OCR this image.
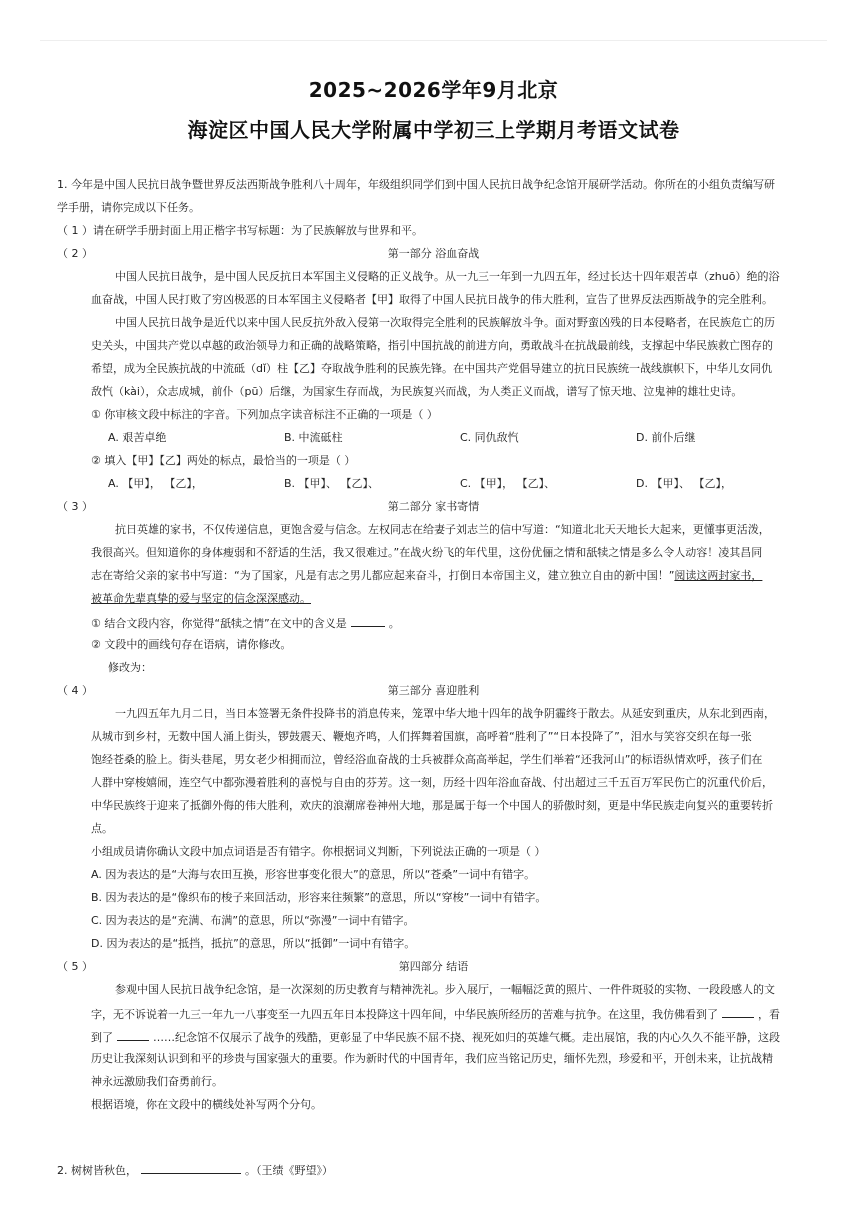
2025~2026学年9月北京
海淀区中国人民大学附属中学初三上学期月考语文试卷
1. 今年是中国人民抗日战争暨世界反法西斯战争胜利八十周年，年级组织同学们到中国人民抗日战争纪念馆开展研学活动。你所在的小组负责编写研
学手册，请你完成以下任务。
（ 1 ）请在研学手册封面上用正楷字书写标题：为了民族解放与世界和平。
（ 2 ）	第一部分 浴血奋战
中国人民抗日战争，是中国人民反抗日本军国主义侵略的正义战争。从一九三一年到一九四五年，经过长达十四年艰苦卓（zhuō）绝的浴
血奋战，中国人民打败了穷凶极恶的日本军国主义侵略者【甲】取得了中国人民抗日战争的伟大胜利，宣告了世界反法西斯战争的完全胜利。
中国人民抗日战争是近代以来中国人民反抗外敌入侵第一次取得完全胜利的民族解放斗争。面对野蛮凶残的日本侵略者，在民族危亡的历
史关头，中国共产党以卓越的政治领导力和正确的战略策略，指引中国抗战的前进方向，勇敢战斗在抗战最前线，支撑起中华民族救亡图存的
希望，成为全民族抗战的中流砥（dǐ）柱【乙】夺取战争胜利的民族先锋。在中国共产党倡导建立的抗日民族统一战线旗帜下，中华儿女同仇
敌忾（kài），众志成城，前仆（pū）后继，为国家生存而战，为民族复兴而战，为人类正义而战，谱写了惊天地、泣鬼神的雄壮史诗。
① 你审核文段中标注的字音。下列加点字读音标注不正确的一项是（ ）
A. 艰苦卓绝	B. 中流砥柱	C. 同仇敌忾	D. 前仆后继
② 填入【甲】【乙】两处的标点，最恰当的一项是（ ）
A. 【甲】， 【乙】，	B. 【甲】、 【乙】、	C. 【甲】， 【乙】、	D. 【甲】、 【乙】，
（ 3 ）	第二部分 家书寄情
抗日英雄的家书，不仅传递信息，更饱含爱与信念。左权同志在给妻子刘志兰的信中写道：“知道北北天天地长大起来，更懂事更活泼，
我很高兴。但知道你的身体瘦弱和不舒适的生活，我又很难过。”在战火纷飞的年代里，这份优俪之情和舐犊之情是多么令人动容！凌其昌同
志在寄给父亲的家书中写道：“为了国家，凡是有志之男儿都应起来奋斗，打倒日本帝国主义，建立独立自由的新中国！”阅读这两封家书，
被革命先辈真挚的爱与坚定的信念深深感动。
① 结合文段内容，你觉得“舐犊之情”在文中的含义是	。
② 文段中的画线句存在语病，请你修改。
修改为：
（ 4 ）	第三部分 喜迎胜利
一九四五年九月二日，当日本签署无条件投降书的消息传来，笼罩中华大地十四年的战争阴霾终于散去。从延安到重庆，从东北到西南，
从城市到乡村，无数中国人涌上街头，锣鼓震天、鞭炮齐鸣，人们挥舞着国旗，高呼着“胜利了”“日本投降了”，泪水与笑容交织在每一张
饱经苍桑的脸上。街头巷尾，男女老少相拥而泣，曾经浴血奋战的士兵被群众高高举起，学生们举着“还我河山”的标语纵情欢呼，孩子们在
人群中穿梭嬉闹，连空气中都弥漫着胜利的喜悦与自由的芬芳。这一刻，历经十四年浴血奋战、付出超过三千五百万军民伤亡的沉重代价后，
中华民族终于迎来了抵御外侮的伟大胜利，欢庆的浪潮席卷神州大地，那是属于每一个中国人的骄傲时刻，更是中华民族走向复兴的重要转折
点。
小组成员请你确认文段中加点词语是否有错字。你根据词义判断，下列说法正确的一项是（ ）
A. 因为表达的是“大海与农田互换，形容世事变化很大”的意思，所以“苍桑”一词中有错字。
B. 因为表达的是“像织布的梭子来回活动，形容来往频繁”的意思，所以“穿梭”一词中有错字。
C. 因为表达的是“充满、布满”的意思，所以“弥漫”一词中有错字。
D. 因为表达的是“抵挡，抵抗”的意思，所以“抵御”一词中有错字。
（ 5 ）	第四部分 结语
参观中国人民抗日战争纪念馆，是一次深刻的历史教育与精神洗礼。步入展厅，一幅幅泛黄的照片、一件件斑驳的实物、一段段感人的文
字，无不诉说着一九三一年九一八事变至一九四五年日本投降这十四年间，中华民族所经历的苦难与抗争。在这里，我仿佛看到了	，看
到了	……纪念馆不仅展示了战争的残酷，更彰显了中华民族不屈不挠、视死如归的英雄气概。走出展馆，我的内心久久不能平静，这段
历史让我深刻认识到和平的珍贵与国家强大的重要。作为新时代的中国青年，我们应当铭记历史，缅怀先烈，珍爱和平，开创未来，让抗战精
神永远激励我们奋勇前行。
根据语境，你在文段中的横线处补写两个分句。
2. 树树皆秋色，	。（王绩《野望》）
